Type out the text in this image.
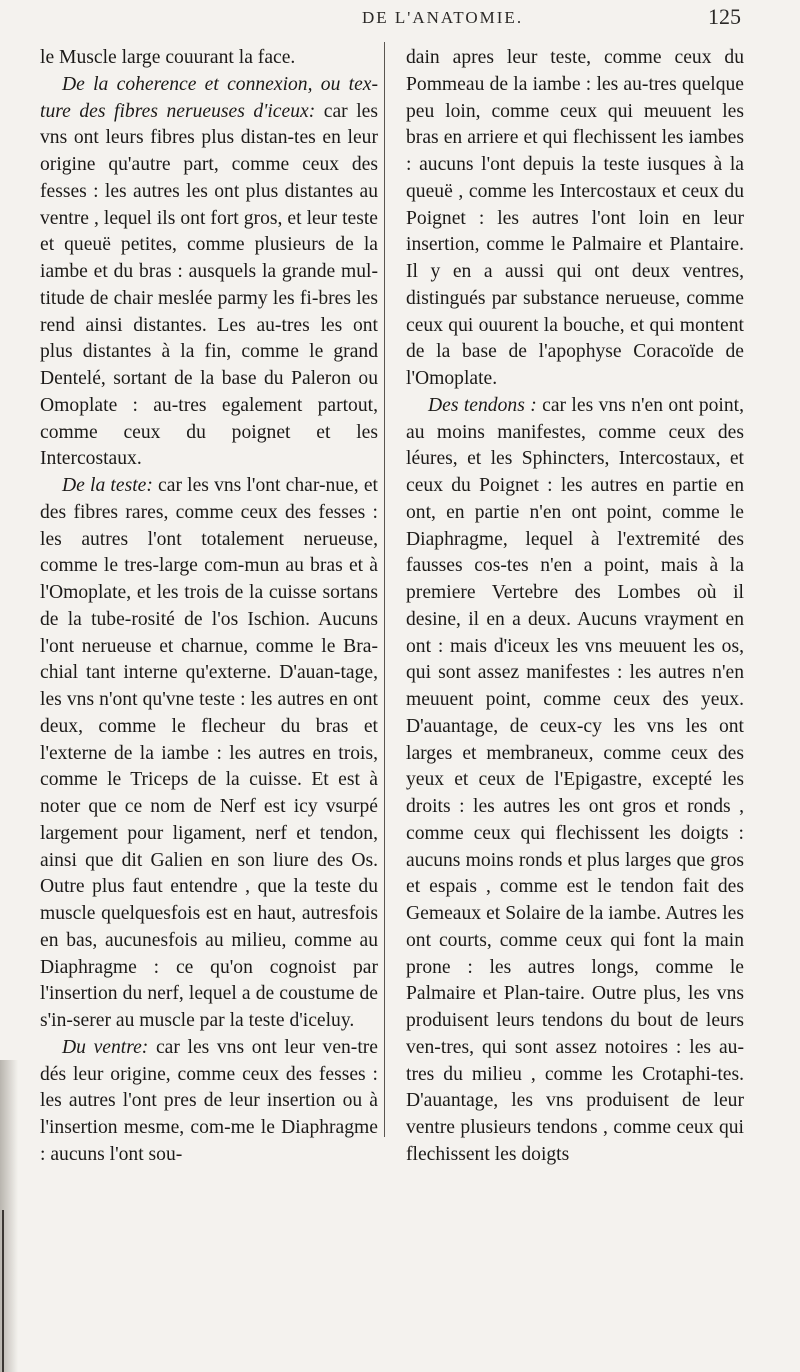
DE L'ANATOMIE.	125

le Muscle large couurant la face.

De la coherence et connexion, ou tex-ture des fibres nerueuses d'iceux: car les vns ont leurs fibres plus distan-tes en leur origine qu'autre part, comme ceux des fesses : les autres les ont plus distantes au ventre , lequel ils ont fort gros, et leur teste et queuë petites, comme plusieurs de la iambe et du bras : ausquels la grande mul-titude de chair meslée parmy les fi-bres les rend ainsi distantes. Les au-tres les ont plus distantes à la fin, comme le grand Dentelé, sortant de la base du Paleron ou Omoplate : au-tres egalement partout, comme ceux du poignet et les Intercostaux.

De la teste: car les vns l'ont char-nue, et des fibres rares, comme ceux des fesses : les autres l'ont totalement nerueuse, comme le tres-large com-mun au bras et à l'Omoplate, et les trois de la cuisse sortans de la tube-rosité de l'os Ischion. Aucuns l'ont nerueuse et charnue, comme le Bra-chial tant interne qu'externe. D'auan-tage, les vns n'ont qu'vne teste : les autres en ont deux, comme le flecheur du bras et l'externe de la iambe : les autres en trois, comme le Triceps de la cuisse. Et est à noter que ce nom de Nerf est icy vsurpé largement pour ligament, nerf et tendon, ainsi que dit Galien en son liure des Os. Outre plus faut entendre , que la teste du muscle quelquesfois est en haut, autresfois en bas, aucunesfois au milieu, comme au Diaphragme : ce qu'on cognoist par l'insertion du nerf, lequel a de coustume de s'in-serer au muscle par la teste d'iceluy.

Du ventre: car les vns ont leur ven-tre dés leur origine, comme ceux des fesses : les autres l'ont pres de leur insertion ou à l'insertion mesme, com-me le Diaphragme : aucuns l'ont sou-

dain apres leur teste, comme ceux du Pommeau de la iambe : les au-tres quelque peu loin, comme ceux qui meuuent les bras en arriere et qui flechissent les iambes : aucuns l'ont depuis la teste iusques à la queuë , comme les Intercostaux et ceux du Poignet : les autres l'ont loin en leur insertion, comme le Palmaire et Plantaire. Il y en a aussi qui ont deux ventres, distingués par substance nerueuse, comme ceux qui ouurent la bouche, et qui montent de la base de l'apophyse Coracoïde de l'Omoplate.

Des tendons : car les vns n'en ont point, au moins manifestes, comme ceux des léures, et les Sphincters, Intercostaux, et ceux du Poignet : les autres en partie en ont, en partie n'en ont point, comme le Diaphragme, lequel à l'extremité des fausses cos-tes n'en a point, mais à la premiere Vertebre des Lombes où il desine, il en a deux. Aucuns vrayment en ont : mais d'iceux les vns meuuent les os, qui sont assez manifestes : les autres n'en meuuent point, comme ceux des yeux. D'auantage, de ceux-cy les vns les ont larges et membraneux, comme ceux des yeux et ceux de l'Epigastre, excepté les droits : les autres les ont gros et ronds , comme ceux qui flechissent les doigts : aucuns moins ronds et plus larges que gros et espais , comme est le tendon fait des Gemeaux et Solaire de la iambe. Autres les ont courts, comme ceux qui font la main prone : les autres longs, comme le Palmaire et Plan-taire. Outre plus, les vns produisent leurs tendons du bout de leurs ven-tres, qui sont assez notoires : les au-tres du milieu , comme les Crotaphi-tes. D'auantage, les vns produisent de leur ventre plusieurs tendons , comme ceux qui flechissent les doigts
